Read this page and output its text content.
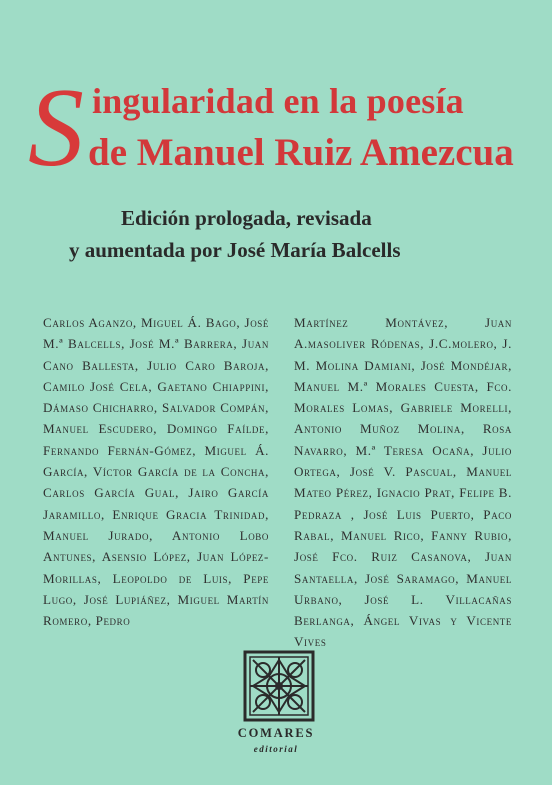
S ingularidad en la poesía
de Manuel Ruiz Amezcua
Edición prologada, revisada
y aumentada por José María Balcells
Carlos Aganzo, Miguel Á. Bago, José M.ª Balcells, José M.ª Barrera, Juan Cano Ballesta, Julio Caro Baroja, Camilo José Cela, Gaetano Chiappini, Dámaso Chicharro, Salvador Compán, Manuel Escudero, Domingo Faílde, Fernando Fernán-Gómez, Miguel Á. García, Víctor García de la Concha, Carlos García Gual, Jairo García Jaramillo, Enrique Gracia Trinidad, Manuel Jurado, Antonio Lobo Antunes, Asensio López, Juan López-Morillas, Leopoldo de Luis, Pepe Lugo, José Lupiáñez, Miguel Martín Romero, Pedro
Martínez Montávez, Juan A.masoliver Ródenas, J.C.molero, J. M. Molina Damiani, José Mondéjar, Manuel M.ª Morales Cuesta, Fco. Morales Lomas, Gabriele Morelli, Antonio Muñoz Molina, Rosa Navarro, M.ª Teresa Ocaña, Julio Ortega, José V. Pascual, Manuel Mateo Pérez, Ignacio Prat, Felipe B. Pedraza , José Luis Puerto, Paco Rabal, Manuel Rico, Fanny Rubio, José Fco. Ruiz Casanova, Juan Santaella, José Saramago, Manuel Urbano, José L. Villacañas Berlanga, Ángel Vivas y Vicente Vives
COMARES
editorial
